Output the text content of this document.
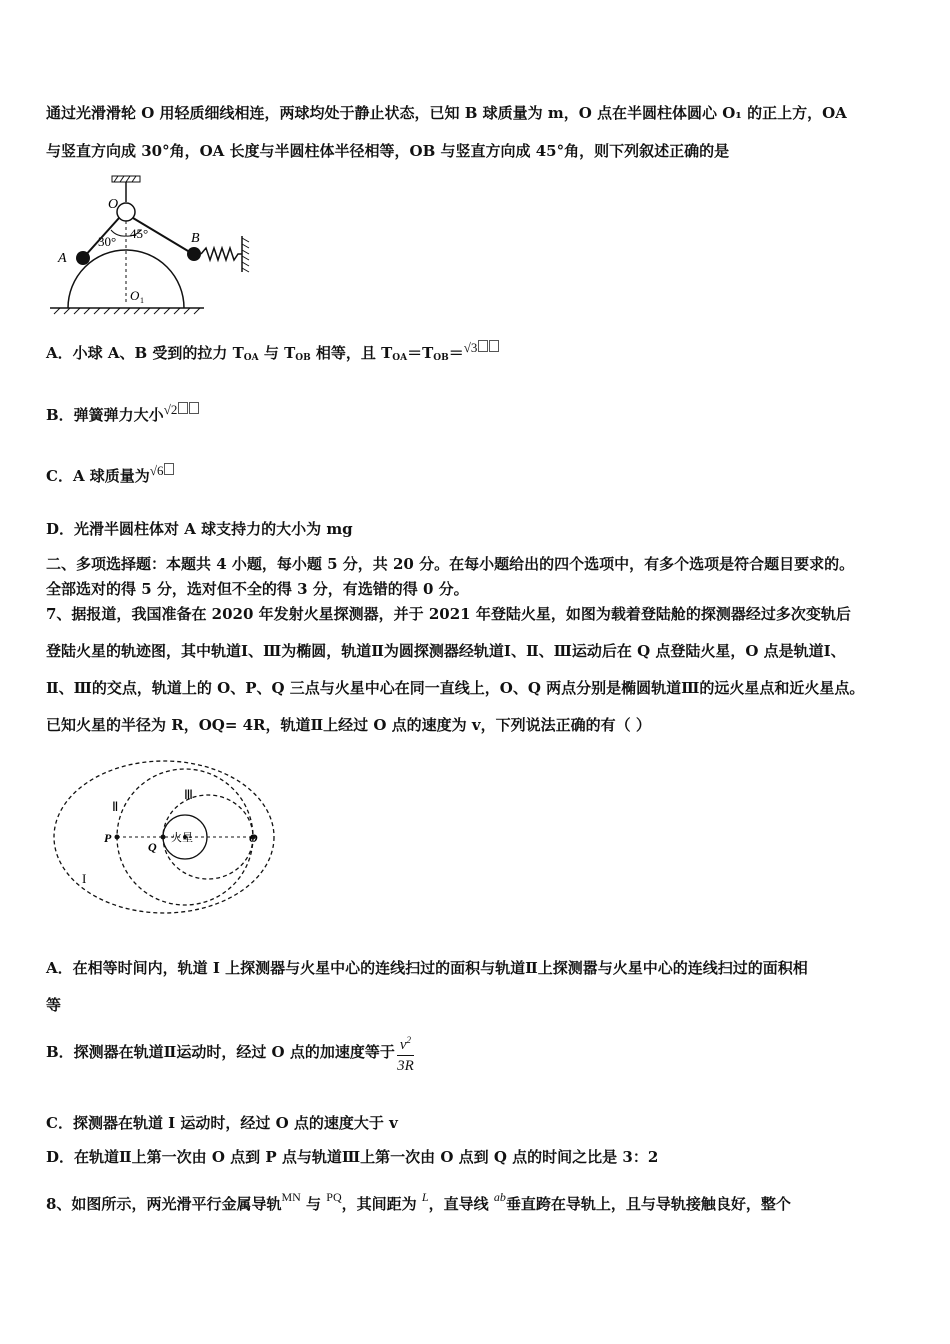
通过光滑滑轮 O 用轻质细线相连，两球均处于静止状态，已知 B 球质量为 m，O 点在半圆柱体圆心 O₁ 的正上方，OA
与竖直方向成 30°角，OA 长度与半圆柱体半径相等，OB 与竖直方向成 45°角，则下列叙述正确的是
O
A
B
O 1
30°
45°
A．小球 A、B 受到的拉力 $T_{OA}$ 与 $T_{OB}$ 相等，且 $T_{OA}=T_{OB}=√3$
B．弹簧弹力大小√2
C．A 球质量为√6
D．光滑半圆柱体对 A 球支持力的大小为 mg
二、多项选择题：本题共 4 小题，每小题 5 分，共 20 分。在每小题给出的四个选项中，有多个选项是符合题目要求的。
全部选对的得 5 分，选对但不全的得 3 分，有选错的得 0 分。
7、据报道，我国准备在 2020 年发射火星探测器，并于 2021 年登陆火星，如图为载着登陆舱的探测器经过多次变轨后
登陆火星的轨迹图，其中轨道Ⅰ、Ⅲ为椭圆，轨道Ⅱ为圆探测器经轨道Ⅰ、Ⅱ、Ⅲ运动后在 Q 点登陆火星，O 点是轨道Ⅰ、
Ⅱ、Ⅲ的交点，轨道上的 O、P、Q 三点与火星中心在同一直线上，O、Q 两点分别是椭圆轨道Ⅲ的远火星点和近火星点。
已知火星的半径为 R，OQ= 4R，轨道Ⅱ上经过 O 点的速度为 v，下列说法正确的有（ ）
Ⅱ
Ⅲ
I
P
Q
O
火星
A．在相等时间内，轨道 I 上探测器与火星中心的连线扫过的面积与轨道Ⅱ上探测嚣与火星中心的连线扫过的面积相
等
B．探测器在轨道Ⅱ运动时，经过 O 点的加速度等于 $\frac{v^2}{3R}$
C．探测器在轨道 I 运动时，经过 O 点的速度大于 v
D．在轨道Ⅱ上第一次由 O 点到 P 点与轨道Ⅲ上第一次由 O 点到 Q 点的时间之比是 3：2
8、如图所示，两光滑平行金属导轨$^{MN}$ 与 $^{PQ}$，其间距为 $^L$，直导线 $^{ab}$垂直跨在导轨上，且与导轨接触良好，整个
